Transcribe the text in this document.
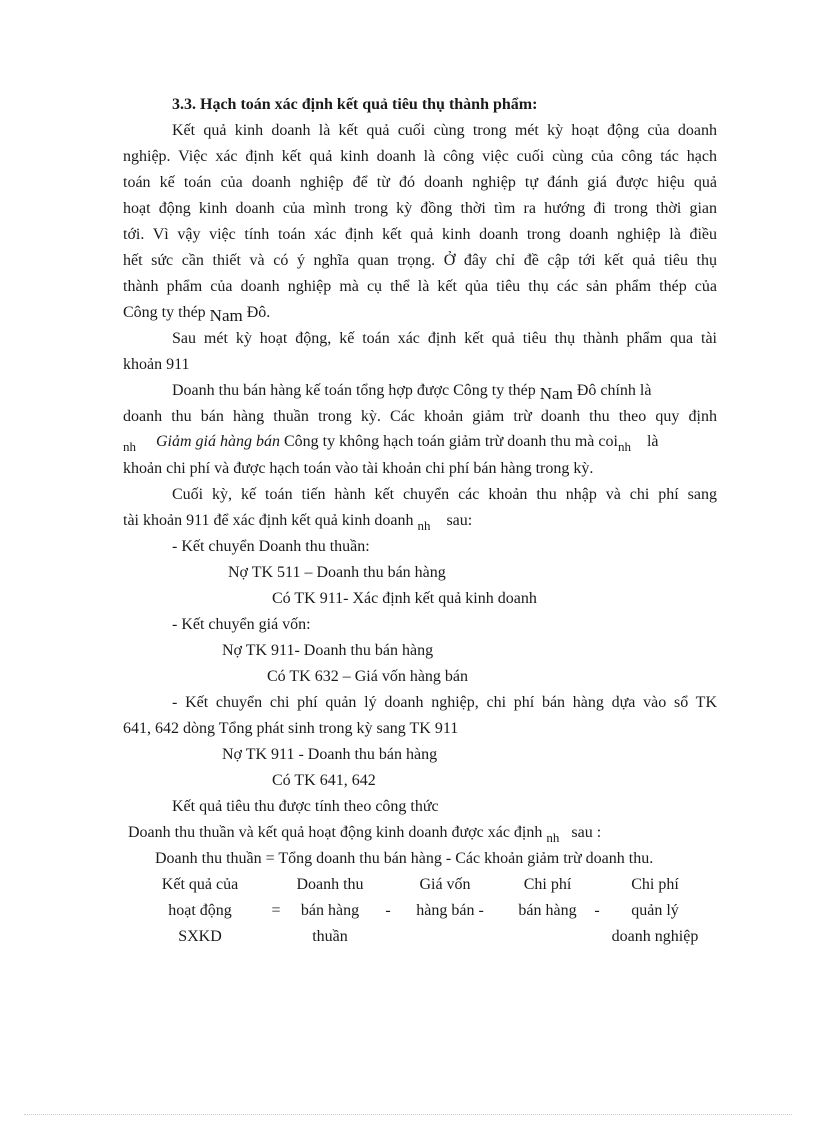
3.3. Hạch toán xác định kết quả tiêu thụ thành phẩm:
Kết quả kinh doanh là kết quả cuối cùng trong mét kỳ hoạt động của doanh
nghiệp. Việc xác định kết quả kinh doanh là công việc cuối cùng của công tác hạch
toán kế toán của doanh nghiệp để từ đó doanh nghiệp tự đánh giá được hiệu quả
hoạt động kinh doanh của mình trong kỳ đồng thời tìm ra hướng đi trong thời gian
tới. Vì vậy việc tính toán xác định kết quả kinh doanh trong doanh nghiệp là điều
hết sức cần thiết và có ý nghĩa quan trọng. Ở đây chỉ đề cập tới kết quả tiêu thụ
thành phẩm của doanh nghiệp mà cụ thể là kết qủa tiêu thụ các sản phẩm thép của
Công ty thép Nam Đô.
Sau mét kỳ hoạt động, kế toán xác định kết quả tiêu thụ thành phẩm qua tài
khoản 911
Doanh thu bán hàng kế toán tổng hợp được Công ty thép Nam Đô chính là
doanh thu bán hàng thuần trong kỳ. Các khoản giảm trừ doanh thu theo quy định
$_{nh}$ Giảm giá hàng bán Công ty không hạch toán giảm trừ doanh thu mà coi$_{nh}$ là
khoản chi phí và được hạch toán vào tài khoản chi phí bán hàng trong kỳ.
Cuối kỳ, kế toán tiến hành kết chuyển các khoản thu nhập và chi phí sang
tài khoản 911 để xác định kết quả kinh doanh $_{nh}$ sau:
- Kết chuyển Doanh thu thuần:
Nợ TK 511 – Doanh thu bán hàng
Có TK 911- Xác định kết quả kinh doanh
- Kết chuyển giá vốn:
Nợ TK 911- Doanh thu bán hàng
Có TK 632 – Giá vốn hàng bán
- Kết chuyển chi phí quản lý doanh nghiệp, chi phí bán hàng dựa vào sổ TK
641, 642 dòng Tổng phát sinh trong kỳ sang TK 911
Nợ TK 911 - Doanh thu bán hàng
Có TK 641, 642
Kết quả tiêu thu được tính theo công thức
Doanh thu thuần và kết quả hoạt động kinh doanh được xác định $_{nh}$ sau :
Doanh thu thuần = Tổng doanh thu bán hàng - Các khoản giảm trừ doanh thu.
Kết quả của
hoạt động
SXKD
=
Doanh thu
bán hàng
thuần
-
Giá vốn
hàng bán -
Chi phí
bán hàng	-
Chi phí
quản lý
doanh nghiệp
